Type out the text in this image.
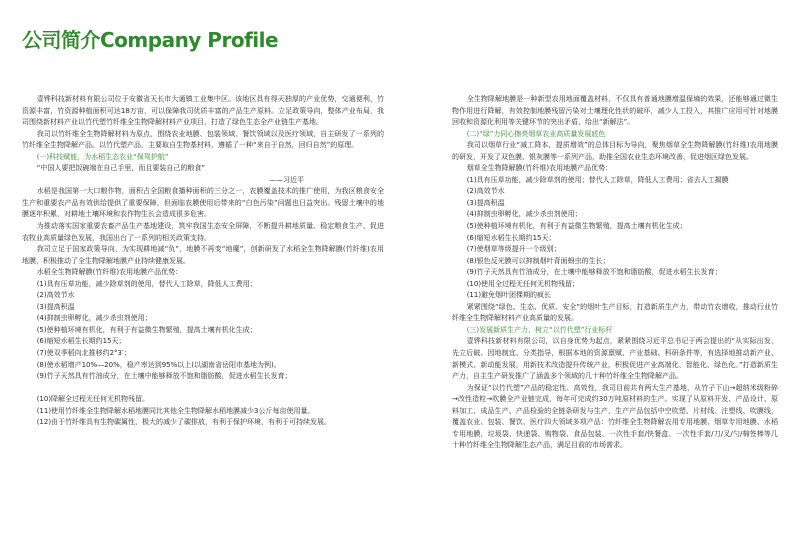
公司简介Company Profile

壹铧科技新材料有限公司位于安徽省天长市大通镇工业集中区。该地区具有得天独厚的产业优势，交通便利，竹资源丰富，竹资源种植面积可达18万亩，可以保障我司优质丰富的产品生产原料。立足政策导向，整体产业布局，我司围绕新材料产业以竹代塑竹纤维全生物降解材料产业项目，打造了绿色生态全产业链生产基地。

我司以竹纤维全生物降解材料为原点，围绕农业地膜、包装领域、餐饮领域以及医疗领域，自主研发了一系列的竹纤维全生物降解产品。以竹代塑产品，主要取自生物基材料，遵循了一种“来自于自然，回归自然”的原理。

(一)科技赋能，为水稻生态农业“保驾护航”

“中国人要把饭碗端在自己手里，而且要装自己的粮食”

——习近平

水稻是我国第一大口粮作物，面积占全国粮食播种面积的三分之一，农膜覆盖技术的推广使用，为我区粮食安全生产和重要农产品有效供给提供了重要保障，但面临农膜使用后带来的“白色污染”问题也日益突出。残留土壤中的地膜逐年积累，对耕地土壤环境和农作物生长会造成很多危害。

为推动落实国家重要农畜产品生产基地建设，筑牢我国生态安全屏障，不断提升耕地质量、稳定粮食生产、促进农牧业高质量绿色发展，我国出台了一系列的相关政策支持。

我司立足于国家政策导向，为实现耕地减“负”，地膜不再变“地魔”，创新研发了水稻全生物降解膜(竹纤维)农用地膜，积极推动了全生物降解地膜产业持续健康发展。

水稻全生物降解膜(竹纤维)农用地膜产品优势：

(1)具有压草功能，减少除草剂的使用，替代人工除草，降低人工费用；

(2)高效节水

(3)提高积温

(4)抑制虫卵孵化，减少杀虫剂使用；

(5)使种植环境有机化，有利于有益微生物繁殖，提高土壤有机化生成；

(6)缩短水稻生长期约15天；

(7)使双季稻向北推移约2°3′；

(8)使水稻增产10%—20%，稳产率达到95%以上(以湖南省岳阳市基地为例)。

(9)竹子天然具有竹油成分，在土壤中能够释放不饱和脂肪酸，促进水稻生长发育；

(10)降解全过程无任何无机物残留。

(11)使用竹纤维全生物降解水稻地膜同比其他全生物降解水稻地膜减少3公斤每亩使用量。

(12)由于竹纤维具有生物碳属性，极大的减少了碳排放，有利于保护环境，有利于可持续发展。

全生物降解地膜是一种新型农用地面覆盖材料，不仅具有普通地膜增温保墒的效果，还能够通过微生物作用进行降解，有效控制地膜残留污染对土壤理化性状的破坏，减少人工投入，其推广应用可针对地膜回收和资源化利用等关键环节的突出矛盾，给出“新解法”。

(二)“绿”力同心擦亮烟草农业高质量发展底色

我司以烟草行业“减工降本，提质增效”的总体目标为导向，聚焦烟草全生物降解膜(竹纤维)农用地膜的研发，开发了双色膜、银灰膜等一系列产品，助推全国农业生态环境改善，促进烟区绿色发展。

烟草全生物降解膜(竹纤维)农用地膜产品优势：

(1)具有压草功能，减少除草剂的使用；替代人工除草，降低人工费用；省去人工揭膜

(2)高效节水

(3)提高积温

(4)抑制虫卵孵化，减少杀虫剂使用；

(5)使种植环境有机化，有利于有益微生物繁殖，提高土壤有机化生成；

(6)缩短水稻生长期约15天；

(7)使烟草等级提升一个级别；

(8)银色反光膜可以抑制烟叶背面蚜虫的生长；

(9)竹子天然具有竹油成分，在土壤中能够释放不饱和脂肪酸，促进水稻生长发育；

(10)使用全过程无任何无机物残留；

(11)避免烟叶团棵期的疯长

紧紧围绕“绿色、生态、优质、安全”的烟叶生产目标，打造新质生产力，带动竹农增收，推动行业竹纤维全生物降解材料产业高质量的发展。

(三)发展新质生产力，树立“以竹代塑”行业标杆

壹铧科技新材料有限公司，以自身优势为起点，紧紧围绕习近平总书记于两会提出的“从实际出发，先立后破、因地制宜、分类指导，根据本地的资源禀赋、产业基础、科研条件等，有选择地推动新产业、新模式、新动能发展，用新技术改造提升传统产业，积极促进产业高端化、智能化、绿色化。”打造新质生产力，自主生产研发推广了涵盖多个领域的几十种竹纤维全生物降解产品。

为保证“以竹代塑”产品的稳定性、高效性，我司目前共有两大生产基地，从竹子下山→超纳米级粉碎→改性造粒→吹膜全产业链完成，每年可完成约30万吨原材料的生产。实现了从原料开发、产品设计、原料加工、成品生产、产品检验的全链条研发与生产，生产产品包括中空吹塑、片材线、注塑线、吹膜线，覆盖农业、包装、餐饮、医疗四大领域多项产品：竹纤维全生物降解农用专用地膜、烟草专用地膜、水稻专用地膜，垃圾袋、快递袋、购物袋、食品包装、一次性手套/快餐盒、一次性手套/刀/叉/勺/棉签棒等几十种竹纤维全生物降解生态产品，满足目前的市场需求。
